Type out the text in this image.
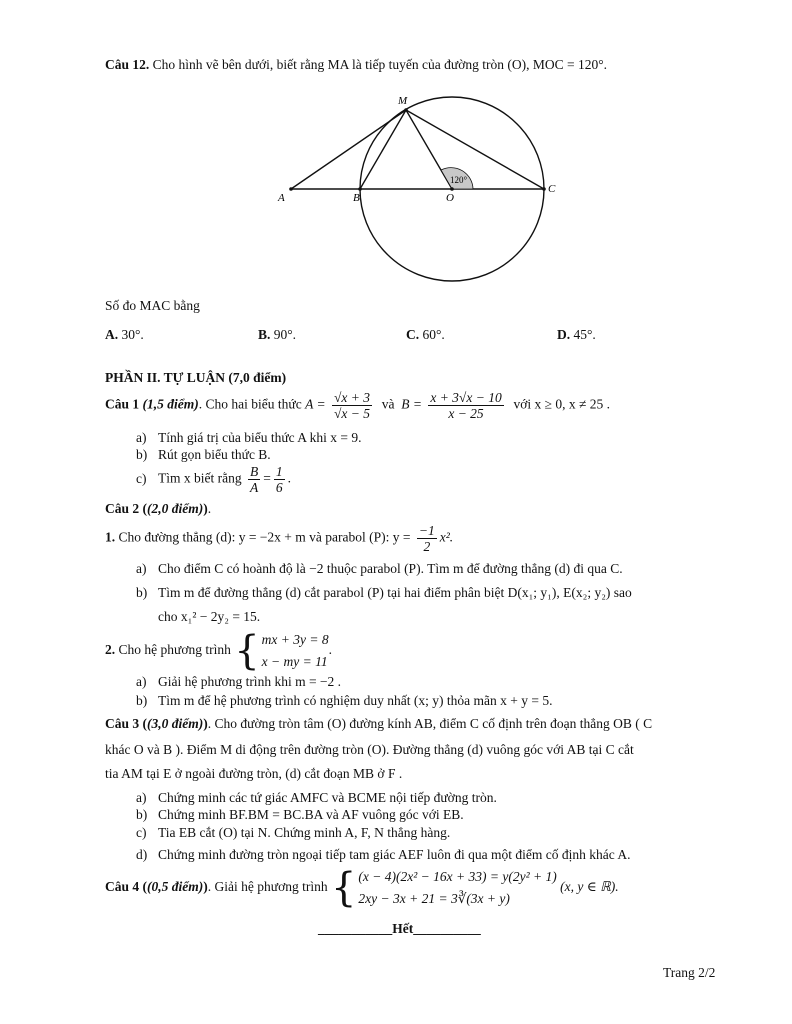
Câu 12. Cho hình vẽ bên dưới, biết rằng MA là tiếp tuyến của đường tròn (O), MOC = 120°.
M
A	B	O
C
120°
Số đo MAC bằng
A. 30°.	B. 90°.	C. 60°.	D. 45°.
PHẦN II. TỰ LUẬN (7,0 điểm)
Câu 1 (1,5 điểm). Cho hai biểu thức $A = \frac{√x + 3}{√x - 5}$ và $B = \frac{x + 3√x - 10}{x - 25}$ với x ≥ 0, x ≠ 25 .
a) Tính giá trị của biểu thức A khi x = 9.
b) Rút gọn biểu thức B.
c) Tìm x biết rằng $\frac{B}{A} = \frac{1}{6}$ .
Câu 2 ((2,0 điểm)).
1. Cho đường thẳng (d): y = −2x + m và parabol (P): $y = \frac{-1}{2} x^2$.
a) Cho điểm C có hoành độ là −2 thuộc parabol (P). Tìm m để đường thẳng (d) đi qua C.
b) Tìm m để đường thẳng (d) cắt parabol (P) tại hai điểm phân biệt D(x₁; y₁), E(x₂; y₂) sao
cho x₁² − 2y₂ = 15.
2. Cho hệ phương trình { mx + 3y = 8
x − my = 11
.
a) Giải hệ phương trình khi m = −2 .
b) Tìm m để hệ phương trình có nghiệm duy nhất (x; y) thỏa mãn x + y = 5.
Câu 3 ((3,0 điểm)). Cho đường tròn tâm (O) đường kính AB, điểm C cố định trên đoạn thẳng OB ( C
khác O và B ). Điểm M di động trên đường tròn (O). Đường thẳng (d) vuông góc với AB tại C cắt
tia AM tại E ở ngoài đường tròn, (d) cắt đoạn MB ở F .
a) Chứng minh các tứ giác AMFC và BCME nội tiếp đường tròn.
b) Chứng minh BF.BM = BC.BA và AF vuông góc với EB.
c) Tia EB cắt (O) tại N. Chứng minh A, F, N thẳng hàng.
d) Chứng minh đường tròn ngoại tiếp tam giác AEF luôn đi qua một điểm cố định khác A.
Câu 4 ((0,5 điểm)). Giải hệ phương trình { (x − 4)(2x² − 16x + 33) = y(2y² + 1)
2xy − 3x + 21 = 3∛(3x + y)
(x, y ∈ ℝ).
___________Hết__________
Trang 2/2
